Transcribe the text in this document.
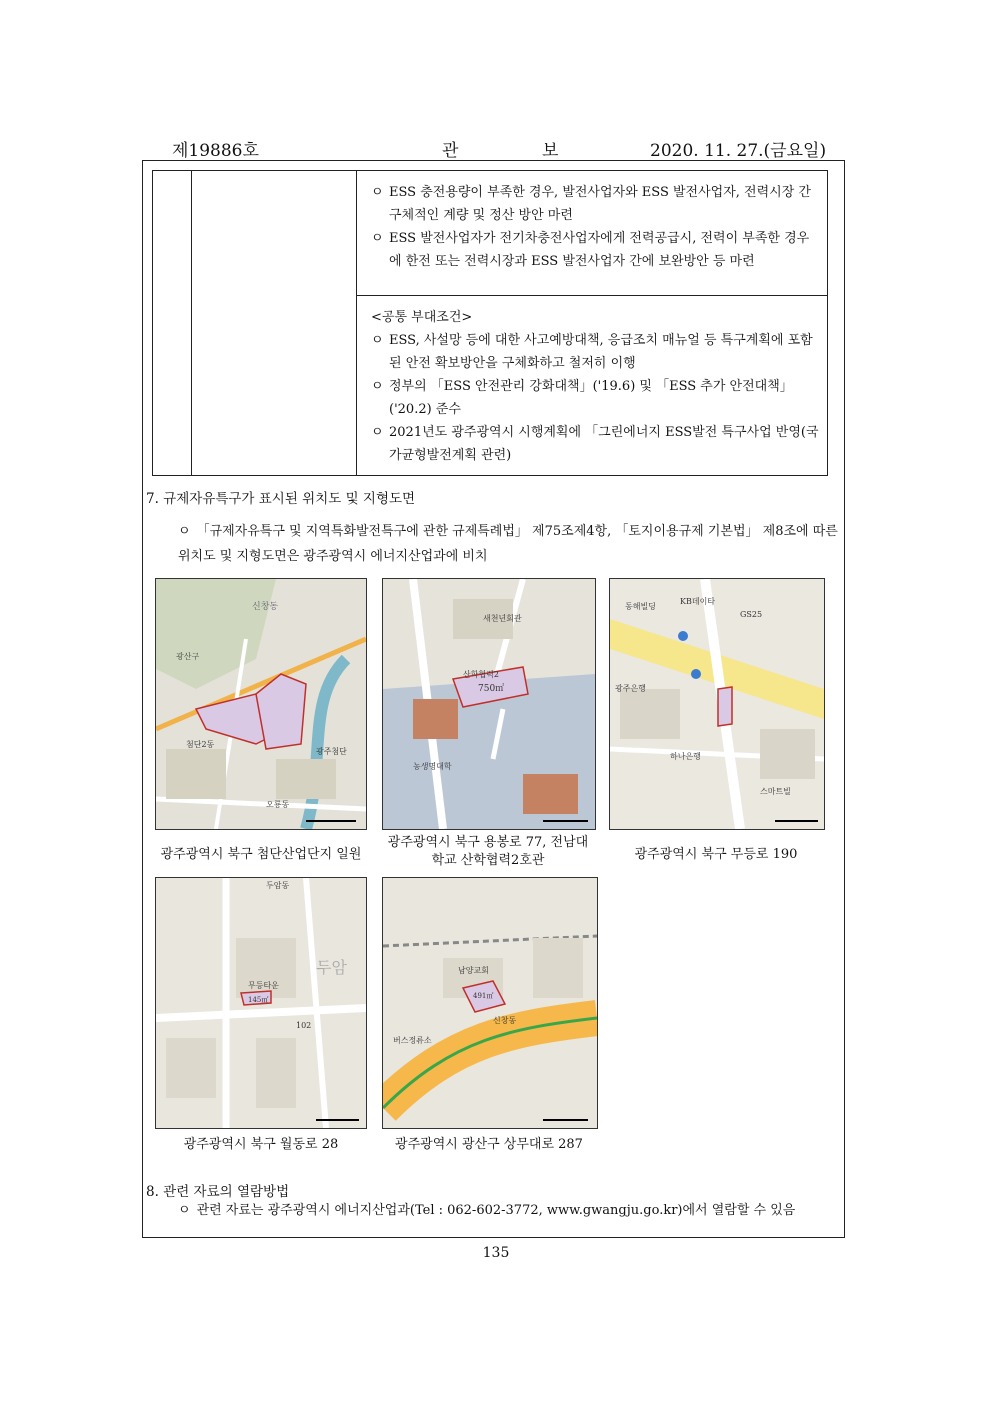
제19886호	관	보	2020. 11. 27.(금요일)

ㅇ ESS 충전용량이 부족한 경우, 발전사업자와 ESS 발전사업자, 전력시장 간 구체적인 계량 및 정산 방안 마련
ㅇ ESS 발전사업자가 전기차충전사업자에게 전력공급시, 전력이 부족한 경우에 한전 또는 전력시장과 ESS 발전사업자 간에 보완방안 등 마련

<공통 부대조건>
ㅇ ESS, 사설망 등에 대한 사고예방대책, 응급조치 매뉴얼 등 특구계획에 포함된 안전 확보방안을 구체화하고 철저히 이행
ㅇ 정부의 「ESS 안전관리 강화대책」('19.6) 및 「ESS 추가 안전대책」('20.2) 준수
ㅇ 2021년도 광주광역시 시행계획에 「그린에너지 ESS발전 특구사업 반영(국가균형발전계획 관련)
7. 규제자유특구가 표시된 위치도 및 지형도면
ㅇ 「규제자유특구 및 지역특화발전특구에 관한 규제특례법」 제75조제4항, 「토지이용규제 기본법」 제8조에 따른 위치도 및 지형도면은 광주광역시 에너지산업과에 비치
신창동
광산구
첨단2동
광주첨단
오룡동
광주광역시 북구 첨단산업단지 일원
새천년회관
750㎡
산학협력2
농생명대학
광주광역시 북구 용봉로 77, 전남대학교 산학협력2호관
동해빌딩
KB데이타
GS25
광주은행
하나은행
스마트빌
광주광역시 북구 무등로 190
두암
두암동
무등타운
102
145㎡
광주광역시 북구 월동로 28
남양교회
버스정류소
신창동
491㎡
광주광역시 광산구 상무대로 287
8. 관련 자료의 열람방법
ㅇ 관련 자료는 광주광역시 에너지산업과(Tel : 062-602-3772, www.gwangju.go.kr)에서 열람할 수 있음
135
